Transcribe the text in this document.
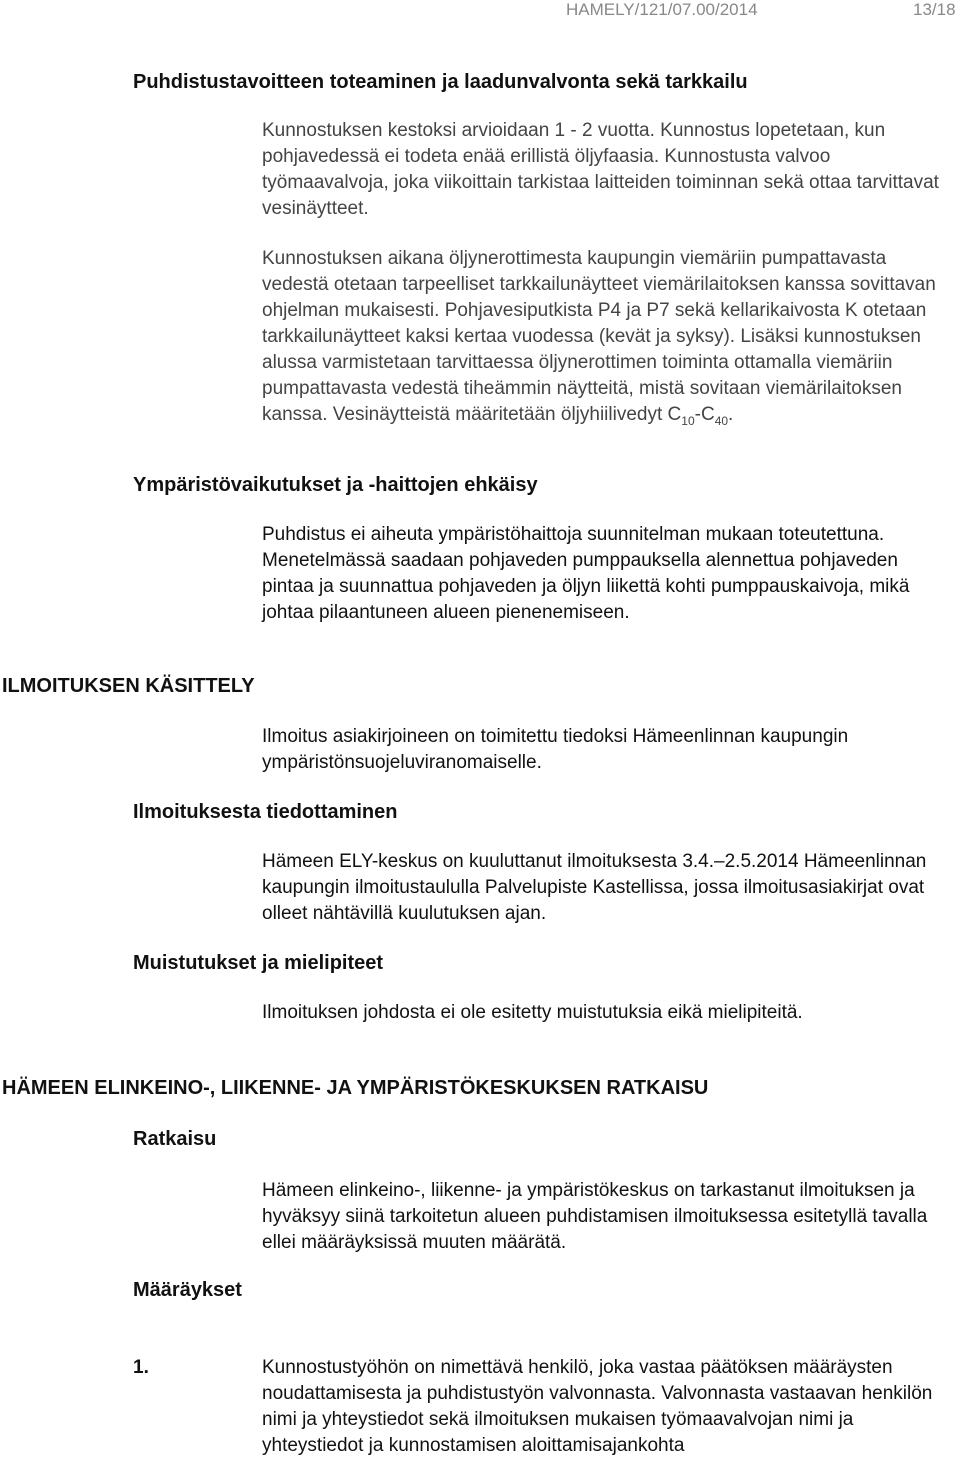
HAMELY/121/07.00/2014	13/18
Puhdistustavoitteen toteaminen ja laadunvalvonta sekä tarkkailu

Kunnostuksen kestoksi arvioidaan 1 - 2 vuotta. Kunnostus lopetetaan, kun pohjavedessä ei todeta enää erillistä öljyfaasia. Kunnostusta valvoo työmaavalvoja, joka viikoittain tarkistaa laitteiden toiminnan sekä ottaa tarvittavat vesinäytteet.

Kunnostuksen aikana öljynerottimesta kaupungin viemäriin pumpattavasta vedestä otetaan tarpeelliset tarkkailunäytteet viemärilaitoksen kanssa sovittavan ohjelman mukaisesti. Pohjavesiputkista P4 ja P7 sekä kellarikaivosta K otetaan tarkkailunäytteet kaksi kertaa vuodessa (kevät ja syksy). Lisäksi kunnostuksen alussa varmistetaan tarvittaessa öljynerottimen toiminta ottamalla viemäriin pumpattavasta vedestä tiheämmin näytteitä, mistä sovitaan viemärilaitoksen kanssa. Vesinäytteistä määritetään öljyhiilivedyt $C_{10}-C_{40}$.

Ympäristövaikutukset ja -haittojen ehkäisy

Puhdistus ei aiheuta ympäristöhaittoja suunnitelman mukaan toteutettuna. Menetelmässä saadaan pohjaveden pumppauksella alennettua pohjaveden pintaa ja suunnattua pohjaveden ja öljyn liikettä kohti pumppauskaivoja, mikä johtaa pilaantuneen alueen pienenemiseen.

ILMOITUKSEN KÄSITTELY

Ilmoitus asiakirjoineen on toimitettu tiedoksi Hämeenlinnan kaupungin ympäristönsuojeluviranomaiselle.

Ilmoituksesta tiedottaminen

Hämeen ELY-keskus on kuuluttanut ilmoituksesta 3.4.–2.5.2014 Hämeenlinnan kaupungin ilmoitustaululla Palvelupiste Kastellissa, jossa ilmoitusasiakirjat ovat olleet nähtävillä kuulutuksen ajan.

Muistutukset ja mielipiteet

Ilmoituksen johdosta ei ole esitetty muistutuksia eikä mielipiteitä.

HÄMEEN ELINKEINO-, LIIKENNE- JA YMPÄRISTÖKESKUKSEN RATKAISU
Ratkaisu

Hämeen elinkeino-, liikenne- ja ympäristökeskus on tarkastanut ilmoituksen ja hyväksyy siinä tarkoitetun alueen puhdistamisen ilmoituksessa esitetyllä tavalla ellei määräyksissä muuten määrätä.

Määräykset
1.	Kunnostustyöhön on nimettävä henkilö, joka vastaa päätöksen määräysten noudattamisesta ja puhdistustyön valvonnasta. Valvonnasta vastaavan henkilön nimi ja yhteystiedot sekä ilmoituksen mukaisen työmaavalvojan nimi ja yhteystiedot ja kunnostamisen aloittamisajankohta
